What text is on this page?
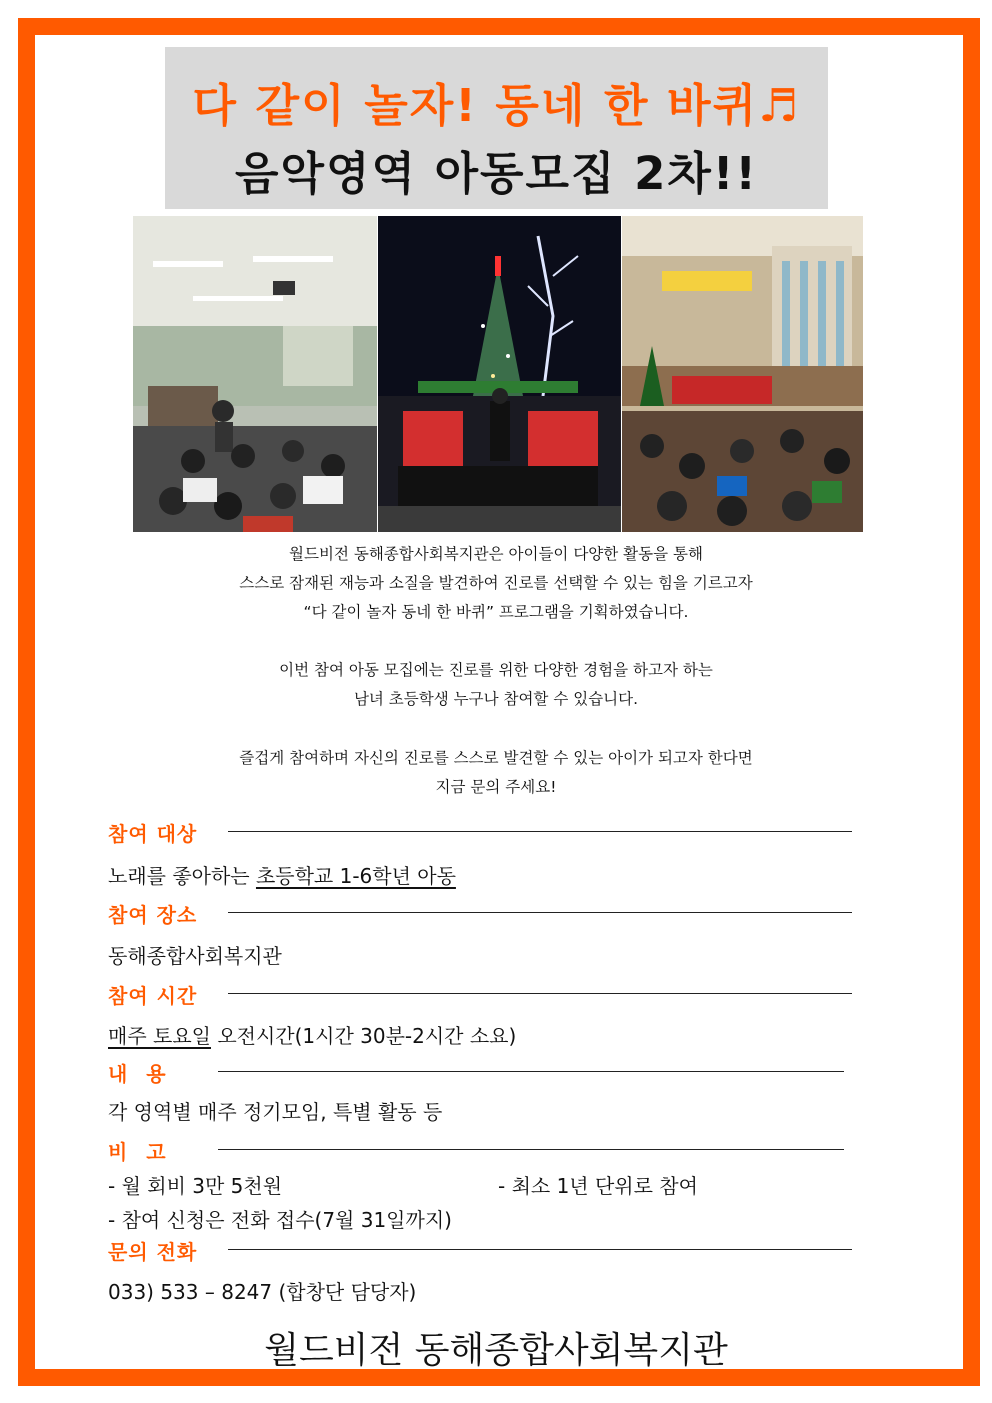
다 같이 놀자! 동네 한 바퀴♬
음악영역 아동모집 2차!!
월드비전 동해종합사회복지관은 아이들이 다양한 활동을 통해
스스로 잠재된 재능과 소질을 발견하여 진로를 선택할 수 있는 힘을 기르고자
“다 같이 놀자 동네 한 바퀴” 프로그램을 기획하였습니다.
이번 참여 아동 모집에는 진로를 위한 다양한 경험을 하고자 하는
남녀 초등학생 누구나 참여할 수 있습니다.
즐겁게 참여하며 자신의 진로를 스스로 발견할 수 있는 아이가 되고자 한다면
지금 문의 주세요!
참여 대상
노래를 좋아하는 초등학교 1-6학년 아동
참여 장소
동해종합사회복지관
참여 시간
매주 토요일 오전시간(1시간 30분-2시간 소요)
내 용
각 영역별 매주 정기모임, 특별 활동 등
비 고
- 월 회비 3만 5천원	- 최소 1년 단위로 참여
- 참여 신청은 전화 접수(7월 31일까지)
문의 전화
033) 533 – 8247 (합창단 담당자)
월드비전 동해종합사회복지관
